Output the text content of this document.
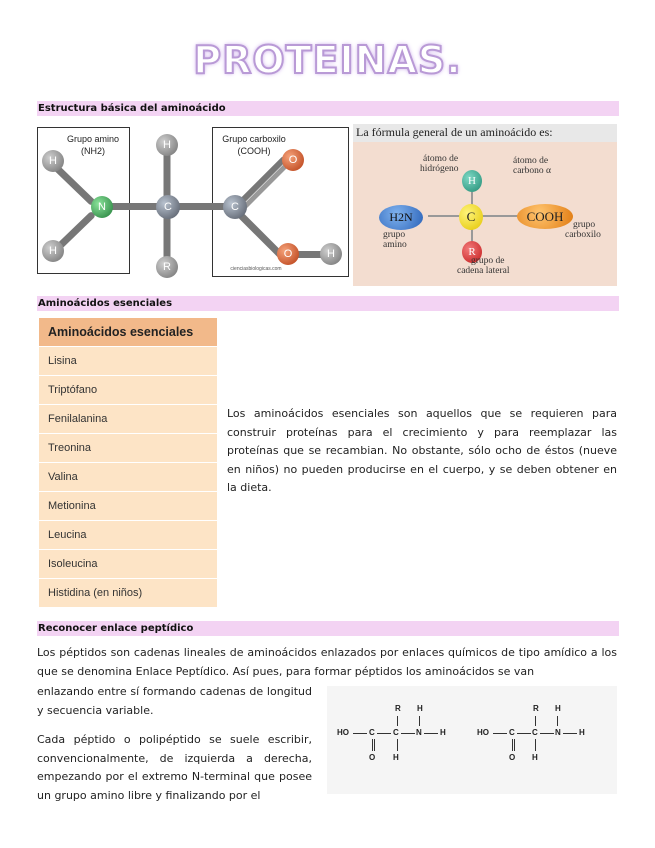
PROTEINAS.
Estructura básica del aminoácido
Grupo amino
(NH2)
Grupo carboxilo
(COOH)
H
H
N
H
C
R
C
O
O	H
cienciasbiologicas.com
La fórmula general de un aminoácido es:
átomo de
hidrógeno
átomo de
carbono α
H
H2N	C	COOH
R
grupo
amino
grupo
carboxilo
grupo de
cadena lateral
Aminoácidos esenciales
Aminoácidos esenciales
Lisina
Triptófano
Fenilalanina
Treonina
Valina
Metionina
Leucina
Isoleucina
Histidina (en niños)
Los aminoácidos esenciales son aquellos que se requieren para construir proteínas para el crecimiento y para reemplazar las proteínas que se recambian. No obstante, sólo ocho de éstos (nueve en niños) no pueden producirse en el cuerpo, y se deben obtener en la dieta.
Reconocer enlace peptídico
Los péptidos son cadenas lineales de aminoácidos enlazados por enlaces químicos de tipo amídico a los que se denomina Enlace Peptídico. Así pues, para formar péptidos los aminoácidos se van
enlazando entre sí formando cadenas de longitud y secuencia variable.
Cada péptido o polipéptido se suele escribir, convencionalmente, de izquierda a derecha, empezando por el extremo N-terminal que posee un grupo amino libre y finalizando por el
R H
HO	C C N H
O H
R H
HO	C C N H
O H
